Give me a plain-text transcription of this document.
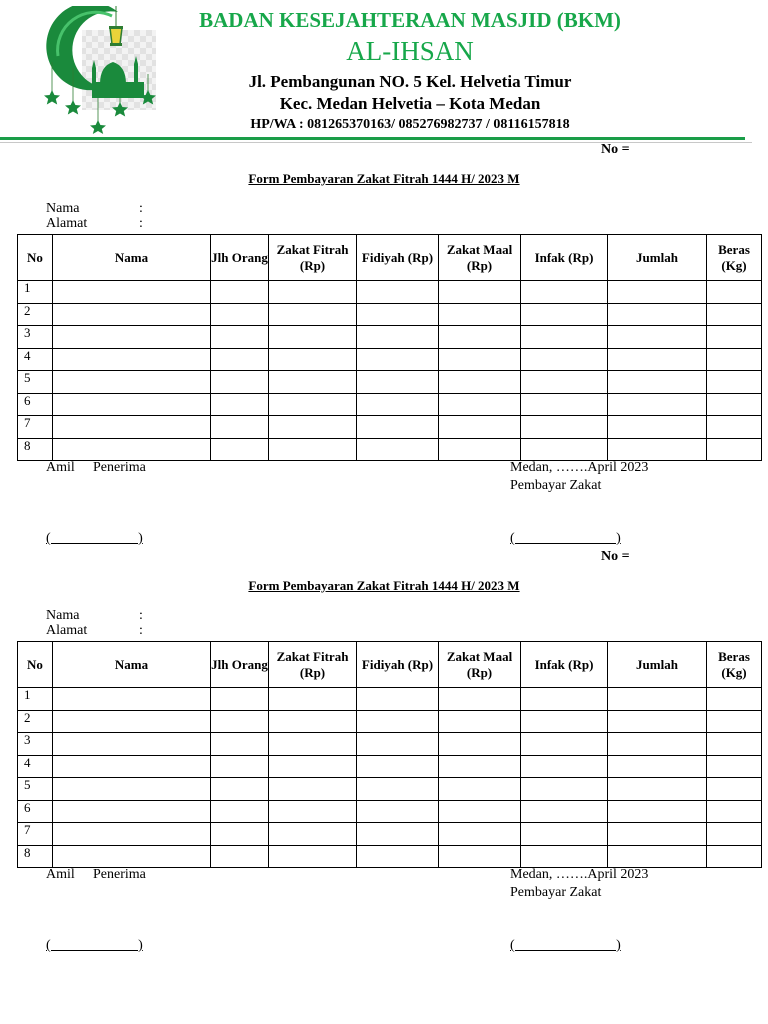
BADAN KESEJAHTERAAN MASJID (BKM)
AL-IHSAN
Jl. Pembangunan NO. 5 Kel. Helvetia Timur
Kec. Medan Helvetia – Kota Medan
HP/WA : 081265370163/ 085276982737 / 08116157818
No =
Form Pembayaran Zakat Fitrah 1444 H/ 2023 M
Nama	:
Alamat	:
No	Nama	Jlh Orang	Zakat Fitrah (Rp)	Fidiyah (Rp)	Zakat Maal (Rp)	Infak (Rp)	Jumlah	Beras (Kg)
1								
2								
3								
4								
5								
6								
7								
8								
Amil Penerima	Medan, …….April 2023
Pembayar Zakat
(                         )	(                             )
No =
Form Pembayaran Zakat Fitrah 1444 H/ 2023 M
Nama	:
Alamat	:
No	Nama	Jlh Orang	Zakat Fitrah (Rp)	Fidiyah (Rp)	Zakat Maal (Rp)	Infak (Rp)	Jumlah	Beras (Kg)
1								
2								
3								
4								
5								
6								
7								
8								
Amil Penerima	Medan, …….April 2023
Pembayar Zakat
(                         )	(                             )
